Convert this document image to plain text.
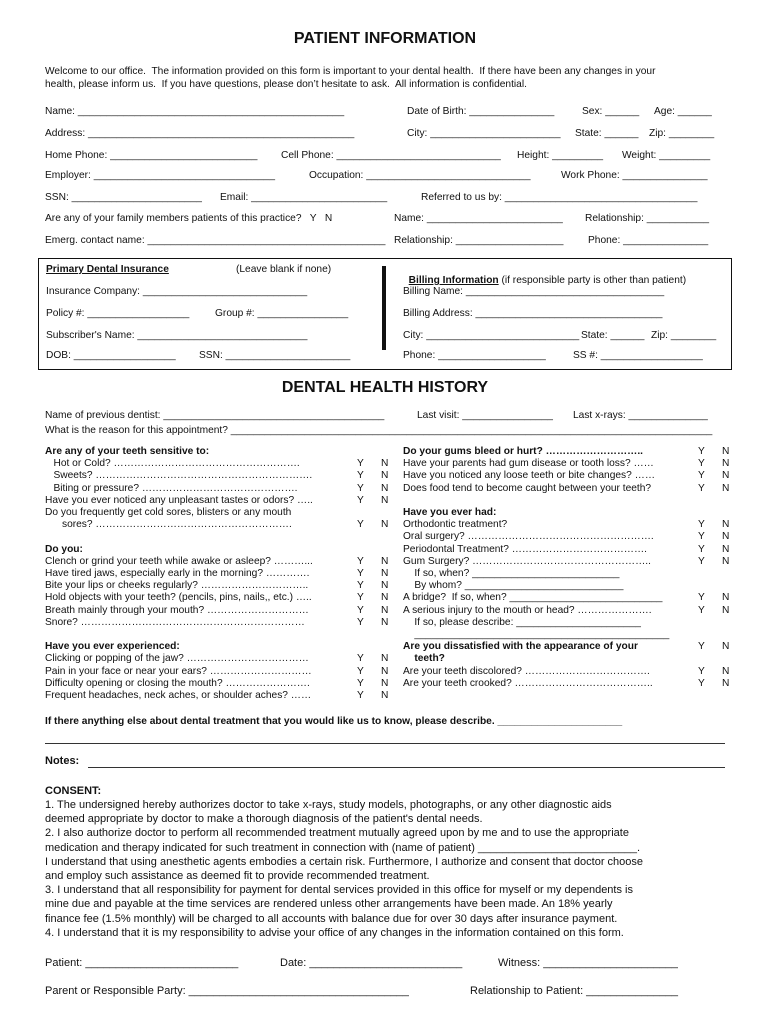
PATIENT INFORMATION
Welcome to our office.  The information provided on this form is important to your dental health.  If there have been any changes in your
health, please inform us.  If you have questions, please don’t hesitate to ask.  All information is confidential.
Name: _______________________________________________	Date of Birth: _______________	Sex: ______ Age: ______
Address: _______________________________________________	City: _______________________ State: ______ Zip: ________
Home Phone: __________________________ Cell Phone: _____________________________ Height: _________ Weight: _________
Employer: ________________________________	Occupation: _____________________________	Work Phone: _______________
SSN: _______________________ Email: ________________________	Referred to us by: __________________________________
Are any of your family members patients of this practice?   Y   N	Name: ________________________ Relationship: ___________
Emerg. contact name: __________________________________________ Relationship: ___________________ Phone: _______________
Primary Dental Insurance	(Leave blank if none)
Insurance Company: _____________________________
Policy #: __________________	Group #: ________________
Subscriber's Name: ______________________________
DOB: __________________ SSN: ______________________

Billing Information (if responsible party is other than patient)

Billing Name: ___________________________________
Billing Address: _________________________________
City: ___________________________ State: ______ Zip: ________
Phone: ___________________	SS #: __________________
DENTAL HEALTH HISTORY
Name of previous dentist: _______________________________________	Last visit: ________________ Last x-rays: ______________
What is the reason for this appointment? _____________________________________________________________________________________
Are any of your teeth sensitive to:
Hot or Cold? ……………………………………………….	Y N
Sweets? ……………………………………………………….	Y N
Biting or pressure? ……………………………………….	Y N
Have you ever noticed any unpleasant tastes or odors? …..	Y N
Do you frequently get cold sores, blisters or any mouth
sores? ………………………………………………….	Y N
Do you:
Clench or grind your teeth while awake or asleep? ………...	Y N
Have tired jaws, especially early in the morning? ………….	Y N
Bite your lips or cheeks regularly? …………………………..	Y N
Hold objects with your teeth? (pencils, pins, nails,, etc.) …..	Y N
Breath mainly through your mouth? …………………………	Y N
Snore? …………………………………………………………	Y N
Have you ever experienced:
Clicking or popping of the jaw? ………………………………	Y N
Pain in your face or near your ears? …………………………	Y N
Difficulty opening or closing the mouth? …………………….	Y N
Frequent headaches, neck aches, or shoulder aches? ……	Y N
Do your gums bleed or hurt? ………………………..	Y N
Have your parents had gum disease or tooth loss? ……	Y N
Have you noticed any loose teeth or bite changes? ……	Y N
Does food tend to become caught between your teeth?	Y N
Have you ever had:
Orthodontic treatment?	Y N
Oral surgery? ……………………………………………….	Y N
Periodontal Treatment? ………………………………….	Y N
Gum Surgery? ……………………………………………..	Y N
If so, when? __________________________
By whom? ____________________________
A bridge?  If so, when? ___________________________	Y N
A serious injury to the mouth or head? ………………….	Y N
If so, please describe: ______________________
_____________________________________________
Are you dissatisfied with the appearance of your	Y N
teeth?
Are your teeth discolored? ……………………………….	Y N
Are your teeth crooked? …………………………………..	Y N
If there anything else about dental treatment that you would like us to know, please describe. ______________________
Notes:
CONSENT:
1. The undersigned hereby authorizes doctor to take x-rays, study models, photographs, or any other diagnostic aids
deemed appropriate by doctor to make a thorough diagnosis of the patient's dental needs.
2. I also authorize doctor to perform all recommended treatment mutually agreed upon by me and to use the appropriate
medication and therapy indicated for such treatment in connection with (name of patient) __________________________.
I understand that using anesthetic agents embodies a certain risk. Furthermore, I authorize and consent that doctor choose
and employ such assistance as deemed fit to provide recommended treatment.
3. I understand that all responsibility for payment for dental services provided in this office for myself or my dependents is
mine due and payable at the time services are rendered unless other arrangements have been made. An 18% yearly
finance fee (1.5% monthly) will be charged to all accounts with balance due for over 30 days after insurance payment.
4. I understand that it is my responsibility to advise your office of any changes in the information contained on this form.
Patient: _________________________	Date: _________________________	Witness: ______________________
Parent or Responsible Party: ____________________________________	Relationship to Patient: _______________
